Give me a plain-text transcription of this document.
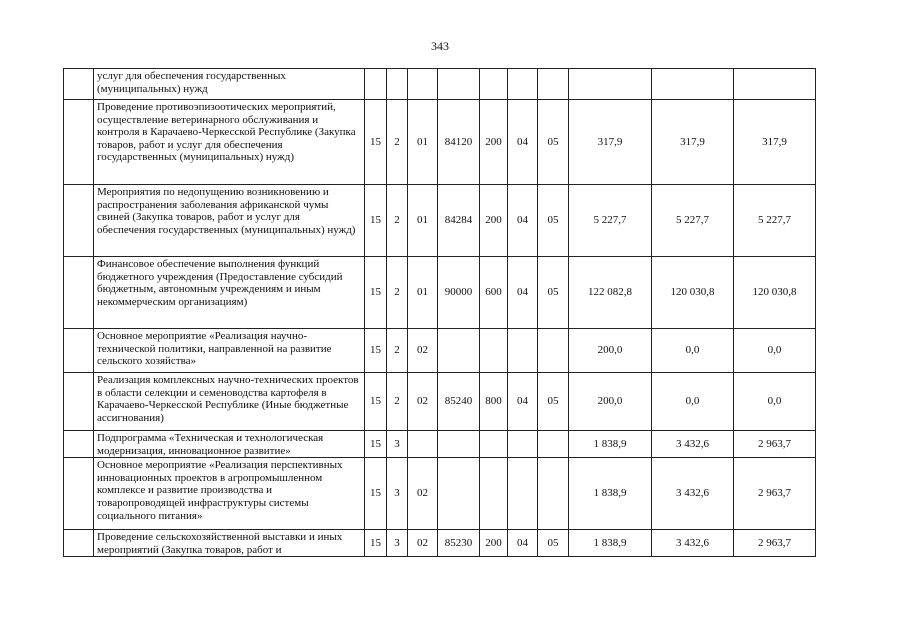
343
	услуг для обеспечения государственных (муниципальных) нужд										
	Проведение противоэпизоотических мероприятий, осуществление ветеринарного обслуживания и контроля в Карачаево-Черкесской Республике (Закупка товаров, работ и услуг для обеспечения государственных (муниципальных) нужд)	15	2	01	84120	200	04	05	317,9	317,9	317,9
	Мероприятия по недопущению возникновению и распространения заболевания африканской чумы свиней (Закупка товаров, работ и услуг для обеспечения государственных (муниципальных) нужд)	15	2	01	84284	200	04	05	5 227,7	5 227,7	5 227,7
	Финансовое обеспечение выполнения функций бюджетного учреждения (Предоставление субсидий бюджетным, автономным учреждениям и иным некоммерческим организациям)	15	2	01	90000	600	04	05	122 082,8	120 030,8	120 030,8
	Основное мероприятие «Реализация научно-технической политики, направленной на развитие сельского хозяйства»	15	2	02					200,0	0,0	0,0
	Реализация комплексных научно-технических проектов в области селекции и семеноводства картофеля в Карачаево-Черкесской Республике (Иные бюджетные ассигнования)	15	2	02	85240	800	04	05	200,0	0,0	0,0
	Подпрограмма «Техническая и технологическая модернизация, инновационное развитие»	15	3						1 838,9	3 432,6	2 963,7
	Основное мероприятие «Реализация перспективных инновационных проектов в агропромышленном комплексе и развитие производства и товаропроводящей инфраструктуры системы социального питания»	15	3	02					1 838,9	3 432,6	2 963,7
	Проведение сельскохозяйственной выставки и иных мероприятий (Закупка товаров, работ и	15	3	02	85230	200	04	05	1 838,9	3 432,6	2 963,7
